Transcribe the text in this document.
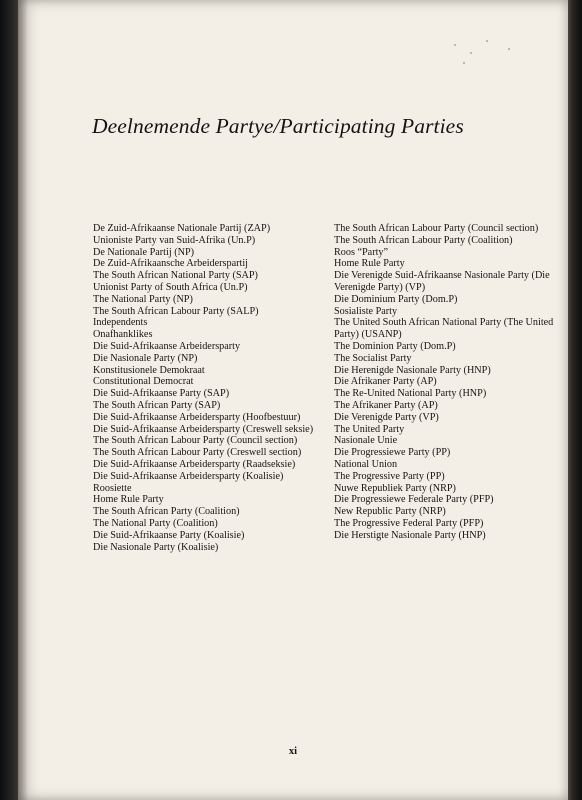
Deelnemende Partye/Participating Parties
De Zuid-Afrikaanse Nationale Partij (ZAP)
Unioniste Party van Suid-Afrika (Un.P)
De Nationale Partij (NP)
De Zuid-Afrikaansche Arbeiderspartij
The South African National Party (SAP)
Unionist Party of South Africa (Un.P)
The National Party (NP)
The South African Labour Party (SALP)
Independents
Onafhanklikes
Die Suid-Afrikaanse Arbeidersparty
Die Nasionale Party (NP)
Konstitusionele Demokraat
Constitutional Democrat
Die Suid-Afrikaanse Party (SAP)
The South African Party (SAP)
Die Suid-Afrikaanse Arbeidersparty (Hoofbestuur)
Die Suid-Afrikaanse Arbeidersparty (Creswell seksie)
The South African Labour Party (Council section)
The South African Labour Party (Creswell section)
Die Suid-Afrikaanse Arbeidersparty (Raadseksie)
Die Suid-Afrikaanse Arbeidersparty (Koalisie)
Roosiette
Home Rule Party
The South African Party (Coalition)
The National Party (Coalition)
Die Suid-Afrikaanse Party (Koalisie)
Die Nasionale Party (Koalisie)
The South African Labour Party (Council section)
The South African Labour Party (Coalition)
Roos “Party”
Home Rule Party
Die Verenigde Suid-Afrikaanse Nasionale Party (Die
Verenigde Party) (VP)
Die Dominium Party (Dom.P)
Sosialiste Party
The United South African National Party (The United
Party) (USANP)
The Dominion Party (Dom.P)
The Socialist Party
Die Herenigde Nasionale Party (HNP)
Die Afrikaner Party (AP)
The Re-United National Party (HNP)
The Afrikaner Party (AP)
Die Verenigde Party (VP)
The United Party
Nasionale Unie
Die Progressiewe Party (PP)
National Union
The Progressive Party (PP)
Nuwe Republiek Party (NRP)
Die Progressiewe Federale Party (PFP)
New Republic Party (NRP)
The Progressive Federal Party (PFP)
Die Herstigte Nasionale Party (HNP)
xi
